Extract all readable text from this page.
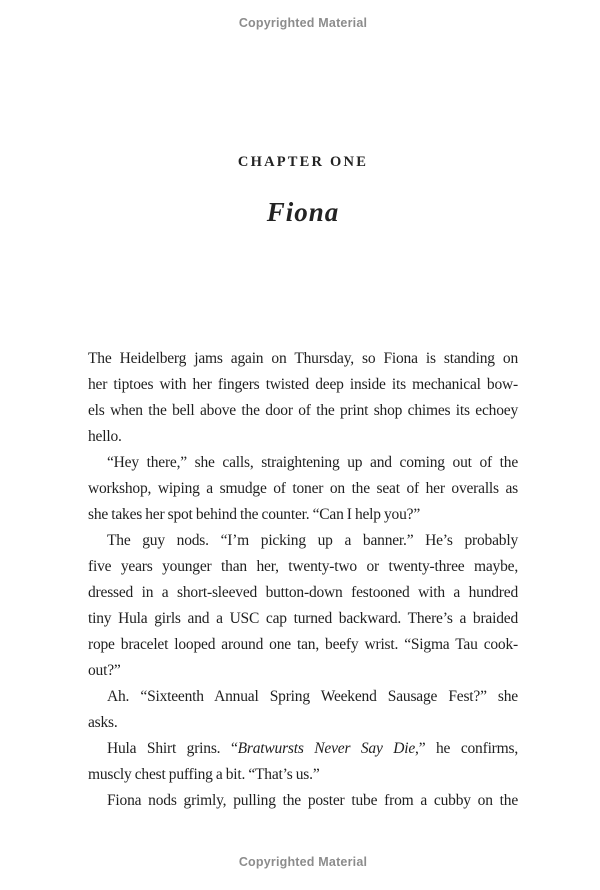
Copyrighted Material
CHAPTER ONE
Fiona
The Heidelberg jams again on Thursday, so Fiona is standing on
her tiptoes with her fingers twisted deep inside its mechanical bow-
els when the bell above the door of the print shop chimes its echoey
hello.
“Hey there,” she calls, straightening up and coming out of the
workshop, wiping a smudge of toner on the seat of her overalls as
she takes her spot behind the counter. “Can I help you?”
The guy nods. “I’m picking up a banner.” He’s probably
five years younger than her, twenty-two or twenty-three maybe,
dressed in a short-sleeved button-down festooned with a hundred
tiny Hula girls and a USC cap turned backward. There’s a braided
rope bracelet looped around one tan, beefy wrist. “Sigma Tau cook-
out?”
Ah. “Sixteenth Annual Spring Weekend Sausage Fest?” she
asks.
Hula Shirt grins. “Bratwursts Never Say Die,” he confirms,
muscly chest puffing a bit. “That’s us.”
Fiona nods grimly, pulling the poster tube from a cubby on the
Copyrighted Material
